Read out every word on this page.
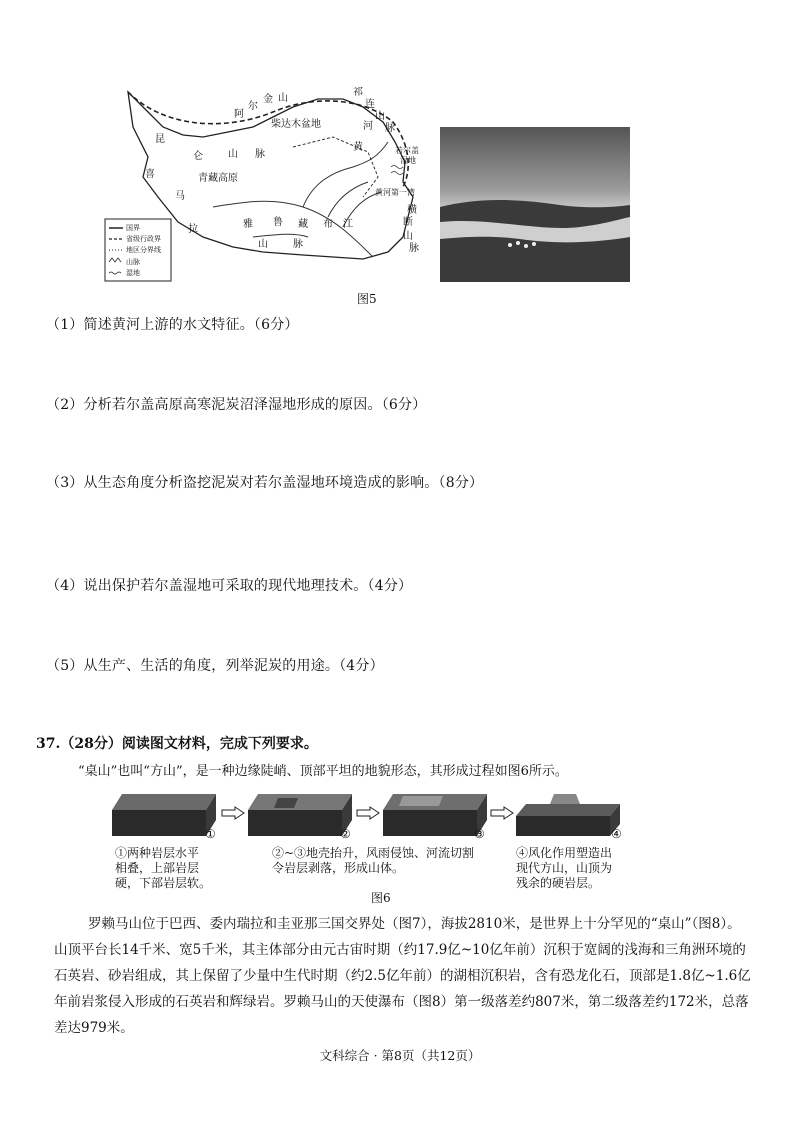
阿
尔
金 山
祁
连
山
脉
柴达木盆地
黄
河
若尔盖
湿地
昆
仑	山 脉
青藏高原
黄河第一湾
横
断
山
脉
喜
马
拉	雅 鲁 藏 布 江
山	脉
国界
省级行政界
地区分界线
山脉
湿地
图5
（1）简述黄河上游的水文特征。（6分）
（2）分析若尔盖高原高寒泥炭沼泽湿地形成的原因。（6分）
（3）从生态角度分析盗挖泥炭对若尔盖湿地环境造成的影响。（8分）
（4）说出保护若尔盖湿地可采取的现代地理技术。（4分）
（5）从生产、生活的角度，列举泥炭的用途。（4分）
37.（28分）阅读图文材料，完成下列要求。
“桌山”也叫“方山”，是一种边缘陡峭、顶部平坦的地貌形态，其形成过程如图6所示。
①	②	③	④
①两种岩层水平
相叠，上部岩层
硬，下部岩层软。
②~③地壳抬升，风雨侵蚀、河流切割
令岩层剥落，形成山体。
④风化作用塑造出
现代方山，山顶为
残余的硬岩层。
图6
罗赖马山位于巴西、委内瑞拉和圭亚那三国交界处（图7），海拔2810米，是世界上十分罕见的“桌山”（图8）。山顶平台长14千米、宽5千米，其主体部分由元古宙时期（约17.9亿~10亿年前）沉积于宽阔的浅海和三角洲环境的石英岩、砂岩组成，其上保留了少量中生代时期（约2.5亿年前）的湖相沉积岩，含有恐龙化石，顶部是1.8亿~1.6亿年前岩浆侵入形成的石英岩和辉绿岩。罗赖马山的天使瀑布（图8）第一级落差约807米，第二级落差约172米，总落差达979米。
文科综合 · 第8页（共12页）
